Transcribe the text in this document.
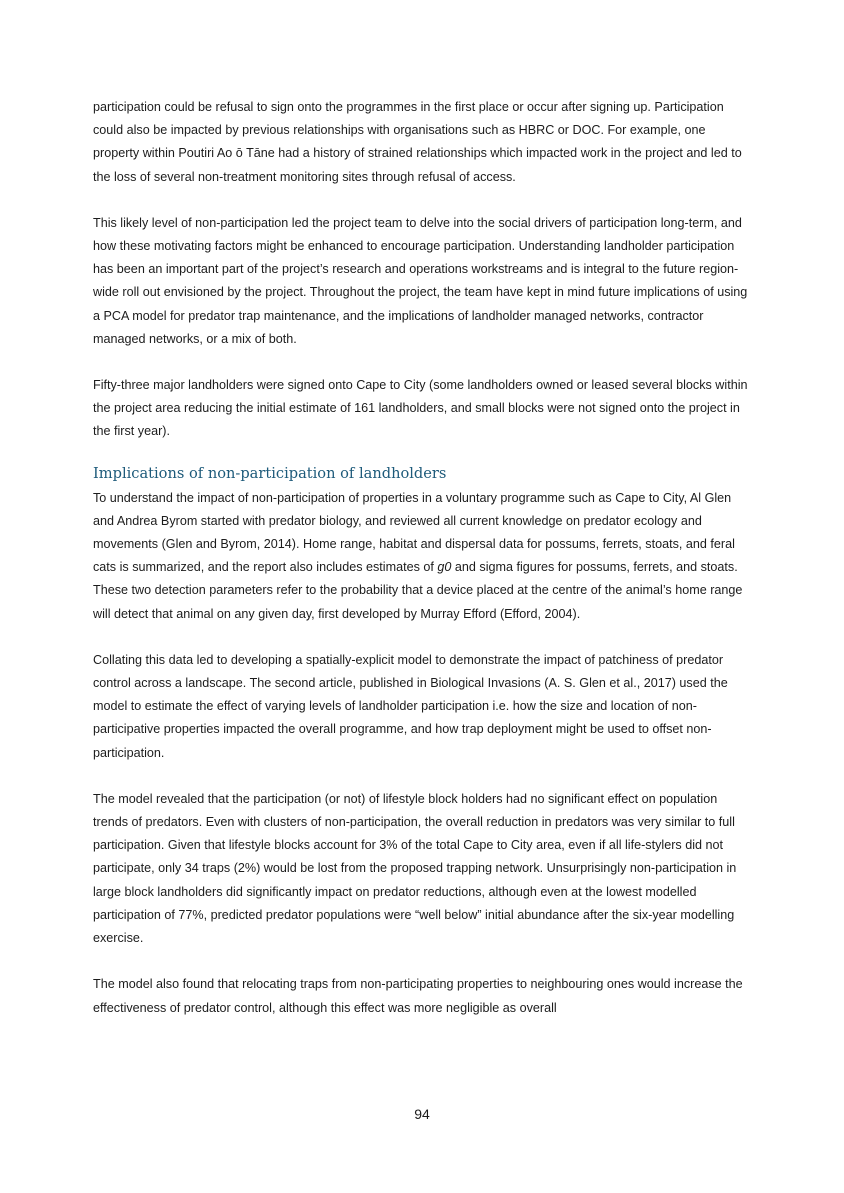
participation could be refusal to sign onto the programmes in the first place or occur after signing up. Participation could also be impacted by previous relationships with organisations such as HBRC or DOC. For example, one property within Poutiri Ao ō Tāne had a history of strained relationships which impacted work in the project and led to the loss of several non-treatment monitoring sites through refusal of access.

This likely level of non-participation led the project team to delve into the social drivers of participation long-term, and how these motivating factors might be enhanced to encourage participation. Understanding landholder participation has been an important part of the project’s research and operations workstreams and is integral to the future region-wide roll out envisioned by the project. Throughout the project, the team have kept in mind future implications of using a PCA model for predator trap maintenance, and the implications of landholder managed networks, contractor managed networks, or a mix of both.

Fifty-three major landholders were signed onto Cape to City (some landholders owned or leased several blocks within the project area reducing the initial estimate of 161 landholders, and small blocks were not signed onto the project in the first year).

Implications of non-participation of landholders

To understand the impact of non-participation of properties in a voluntary programme such as Cape to City, Al Glen and Andrea Byrom started with predator biology, and reviewed all current knowledge on predator ecology and movements (Glen and Byrom, 2014). Home range, habitat and dispersal data for possums, ferrets, stoats, and feral cats is summarized, and the report also includes estimates of g0 and sigma figures for possums, ferrets, and stoats. These two detection parameters refer to the probability that a device placed at the centre of the animal’s home range will detect that animal on any given day, first developed by Murray Efford (Efford, 2004).

Collating this data led to developing a spatially-explicit model to demonstrate the impact of patchiness of predator control across a landscape. The second article, published in Biological Invasions (A. S. Glen et al., 2017) used the model to estimate the effect of varying levels of landholder participation i.e. how the size and location of non-participative properties impacted the overall programme, and how trap deployment might be used to offset non-participation.

The model revealed that the participation (or not) of lifestyle block holders had no significant effect on population trends of predators. Even with clusters of non-participation, the overall reduction in predators was very similar to full participation. Given that lifestyle blocks account for 3% of the total Cape to City area, even if all life-stylers did not participate, only 34 traps (2%) would be lost from the proposed trapping network. Unsurprisingly non-participation in large block landholders did significantly impact on predator reductions, although even at the lowest modelled participation of 77%, predicted predator populations were “well below” initial abundance after the six-year modelling exercise.

The model also found that relocating traps from non-participating properties to neighbouring ones would increase the effectiveness of predator control, although this effect was more negligible as overall

94
